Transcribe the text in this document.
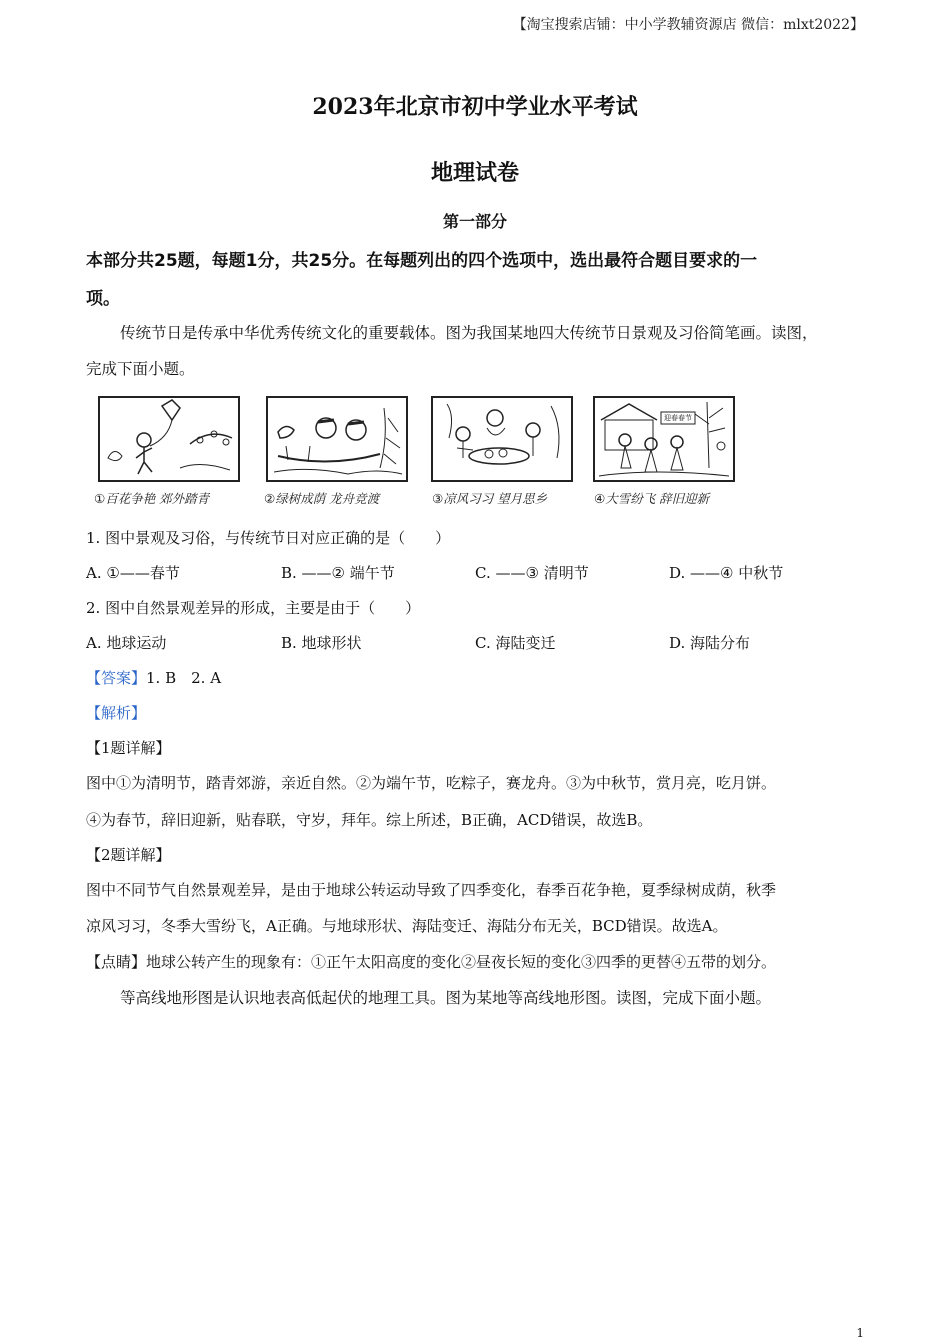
【淘宝搜索店铺：中小学教辅资源店 微信：mlxt2022】
2023年北京市初中学业水平考试
地理试卷
第一部分
本部分共25题，每题1分，共25分。在每题列出的四个选项中，选出最符合题目要求的一
项。
传统节日是传承中华优秀传统文化的重要载体。图为我国某地四大传统节日景观及习俗简笔画。读图，
完成下面小题。
迎春春节
①百花争艳 郊外踏青	②绿树成荫 龙舟竞渡	③凉风习习 望月思乡	④大雪纷飞 辞旧迎新
1. 图中景观及习俗，与传统节日对应正确的是（　　）
A. ①——春节	B. ——② 端午节	C. ——③ 清明节	D. ——④ 中秋节
2. 图中自然景观差异的形成，主要是由于（　　）
A. 地球运动	B. 地球形状	C. 海陆变迁	D. 海陆分布
【答案】1. B　2. A
【解析】
【1题详解】
图中①为清明节，踏青郊游，亲近自然。②为端午节，吃粽子，赛龙舟。③为中秋节，赏月亮，吃月饼。
④为春节，辞旧迎新，贴春联，守岁，拜年。综上所述，B正确，ACD错误，故选B。
【2题详解】
图中不同节气自然景观差异，是由于地球公转运动导致了四季变化，春季百花争艳，夏季绿树成荫，秋季
凉风习习，冬季大雪纷飞，A正确。与地球形状、海陆变迁、海陆分布无关，BCD错误。故选A。
【点睛】地球公转产生的现象有：①正午太阳高度的变化②昼夜长短的变化③四季的更替④五带的划分。
等高线地形图是认识地表高低起伏的地理工具。图为某地等高线地形图。读图，完成下面小题。
1
